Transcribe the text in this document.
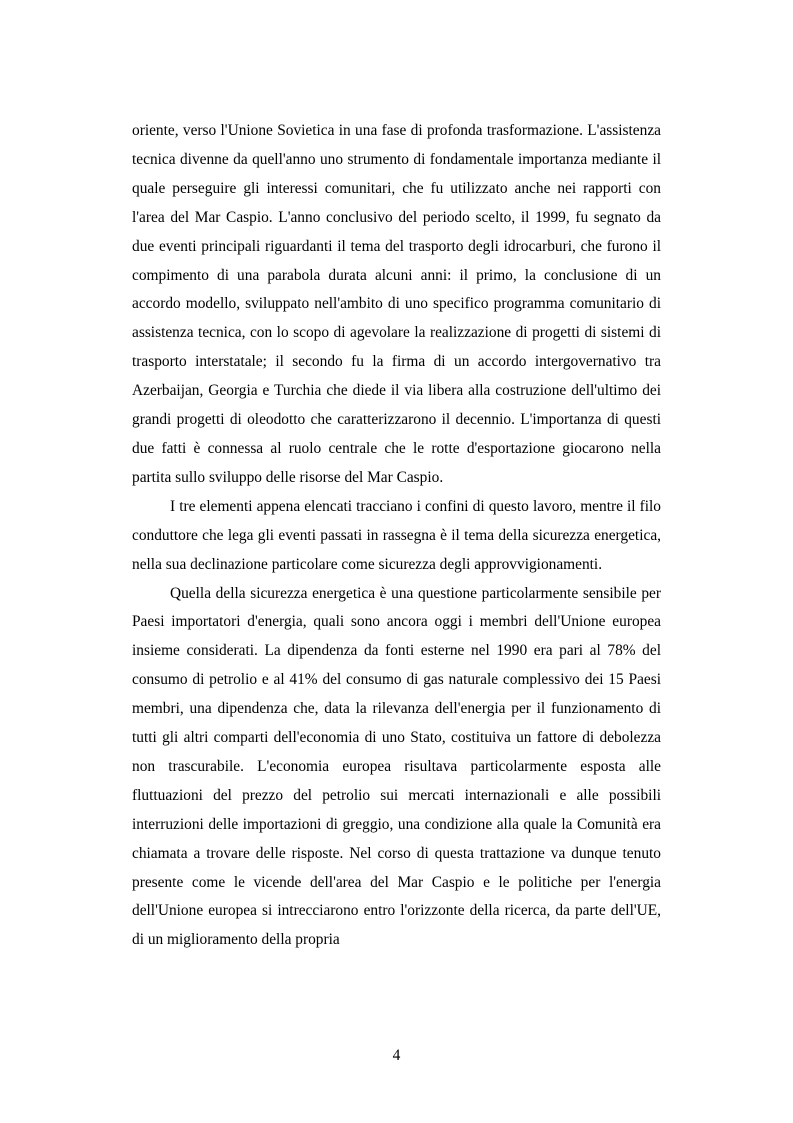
oriente, verso l'Unione Sovietica in una fase di profonda trasformazione. L'assistenza tecnica divenne da quell'anno uno strumento di fondamentale importanza mediante il quale perseguire gli interessi comunitari, che fu utilizzato anche nei rapporti con l'area del Mar Caspio. L'anno conclusivo del periodo scelto, il 1999, fu segnato da due eventi principali riguardanti il tema del trasporto degli idrocarburi, che furono il compimento di una parabola durata alcuni anni: il primo, la conclusione di un accordo modello, sviluppato nell'ambito di uno specifico programma comunitario di assistenza tecnica, con lo scopo di agevolare la realizzazione di progetti di sistemi di trasporto interstatale; il secondo fu la firma di un accordo intergovernativo tra Azerbaijan, Georgia e Turchia che diede il via libera alla costruzione dell'ultimo dei grandi progetti di oleodotto che caratterizzarono il decennio. L'importanza di questi due fatti è connessa al ruolo centrale che le rotte d'esportazione giocarono nella partita sullo sviluppo delle risorse del Mar Caspio.

I tre elementi appena elencati tracciano i confini di questo lavoro, mentre il filo conduttore che lega gli eventi passati in rassegna è il tema della sicurezza energetica, nella sua declinazione particolare come sicurezza degli approvvigionamenti.

Quella della sicurezza energetica è una questione particolarmente sensibile per Paesi importatori d'energia, quali sono ancora oggi i membri dell'Unione europea insieme considerati. La dipendenza da fonti esterne nel 1990 era pari al 78% del consumo di petrolio e al 41% del consumo di gas naturale complessivo dei 15 Paesi membri, una dipendenza che, data la rilevanza dell'energia per il funzionamento di tutti gli altri comparti dell'economia di uno Stato, costituiva un fattore di debolezza non trascurabile. L'economia europea risultava particolarmente esposta alle fluttuazioni del prezzo del petrolio sui mercati internazionali e alle possibili interruzioni delle importazioni di greggio, una condizione alla quale la Comunità era chiamata a trovare delle risposte. Nel corso di questa trattazione va dunque tenuto presente come le vicende dell'area del Mar Caspio e le politiche per l'energia dell'Unione europea si intrecciarono entro l'orizzonte della ricerca, da parte dell'UE, di un miglioramento della propria

4
